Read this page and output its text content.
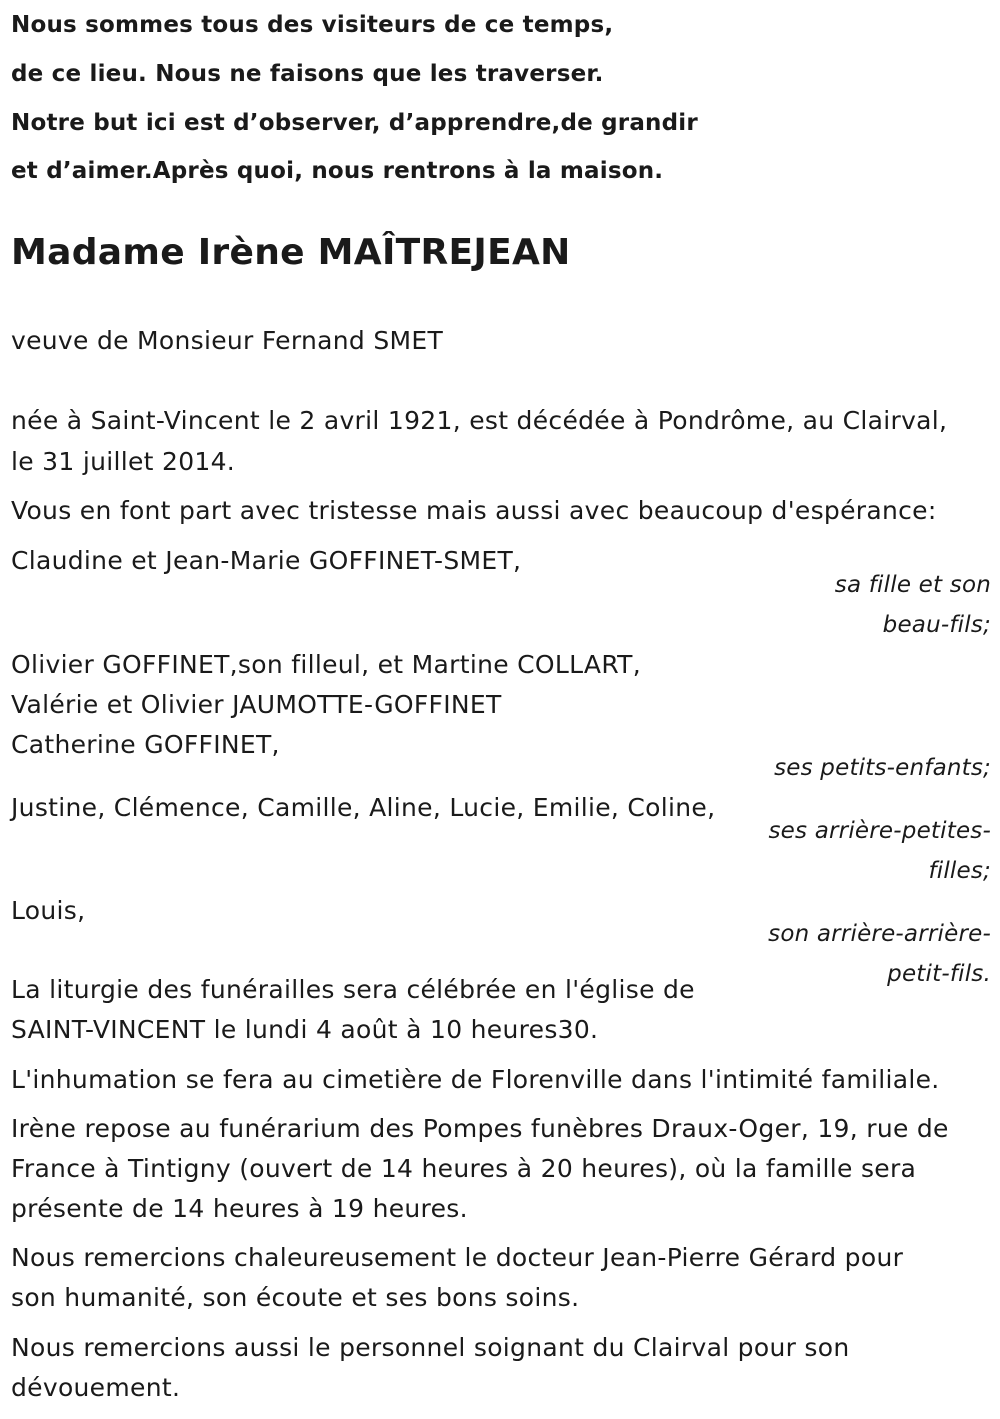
Nous sommes tous des visiteurs de ce temps,
de ce lieu. Nous ne faisons que les traverser.
Notre but ici est d’observer, d’apprendre,de grandir
et d’aimer.Après quoi, nous rentrons à la maison.
Madame Irène MAÎTREJEAN
veuve de Monsieur Fernand SMET
née à Saint-Vincent le 2 avril 1921, est décédée à Pondrôme, au Clairval,
le 31 juillet 2014.
Vous en font part avec tristesse mais aussi avec beaucoup d'espérance:
Claudine et Jean-Marie GOFFINET-SMET,
sa fille et son
beau-fils;
Olivier GOFFINET,son filleul, et Martine COLLART,
Valérie et Olivier JAUMOTTE-GOFFINET
Catherine GOFFINET,
ses petits-enfants;
Justine, Clémence, Camille, Aline, Lucie, Emilie, Coline,
ses arrière-petites-
filles;
Louis,
son arrière-arrière-
petit-fils.
La liturgie des funérailles sera célébrée en l'église de
SAINT-VINCENT le lundi 4 août à 10 heures30.
L'inhumation se fera au cimetière de Florenville dans l'intimité familiale.
Irène repose au funérarium des Pompes funèbres Draux-Oger, 19, rue de
France à Tintigny (ouvert de 14 heures à 20 heures), où la famille sera
présente de 14 heures à 19 heures.
Nous remercions chaleureusement le docteur Jean-Pierre Gérard pour
son humanité, son écoute et ses bons soins.
Nous remercions aussi le personnel soignant du Clairval pour son
dévouement.
